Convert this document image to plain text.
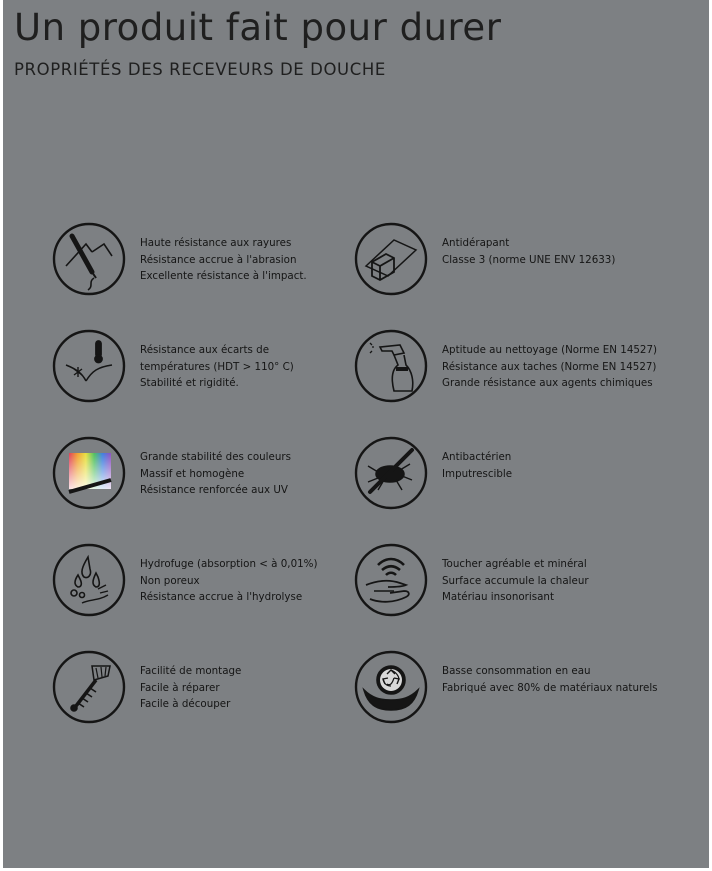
Un produit fait pour durer
PROPRIÉTÉS DES RECEVEURS DE DOUCHE
Haute résistance aux rayures
Résistance accrue à l'abrasion
Excellente résistance à l'impact.
Antidérapant
Classe 3 (norme UNE ENV 12633)
Résistance aux écarts de
températures (HDT > 110° C)
Stabilité et rigidité.
Aptitude au nettoyage (Norme EN 14527)
Résistance aux taches (Norme EN 14527)
Grande résistance aux agents chimiques
Grande stabilité des couleurs
Massif et homogène
Résistance renforcée aux UV
Antibactérien
Imputrescible
Hydrofuge (absorption < à 0,01%)
Non poreux
Résistance accrue à l'hydrolyse
Toucher agréable et minéral
Surface accumule la chaleur
Matériau insonorisant
Facilité de montage
Facile à réparer
Facile à découper
Basse consommation en eau
Fabriqué avec 80% de matériaux naturels
